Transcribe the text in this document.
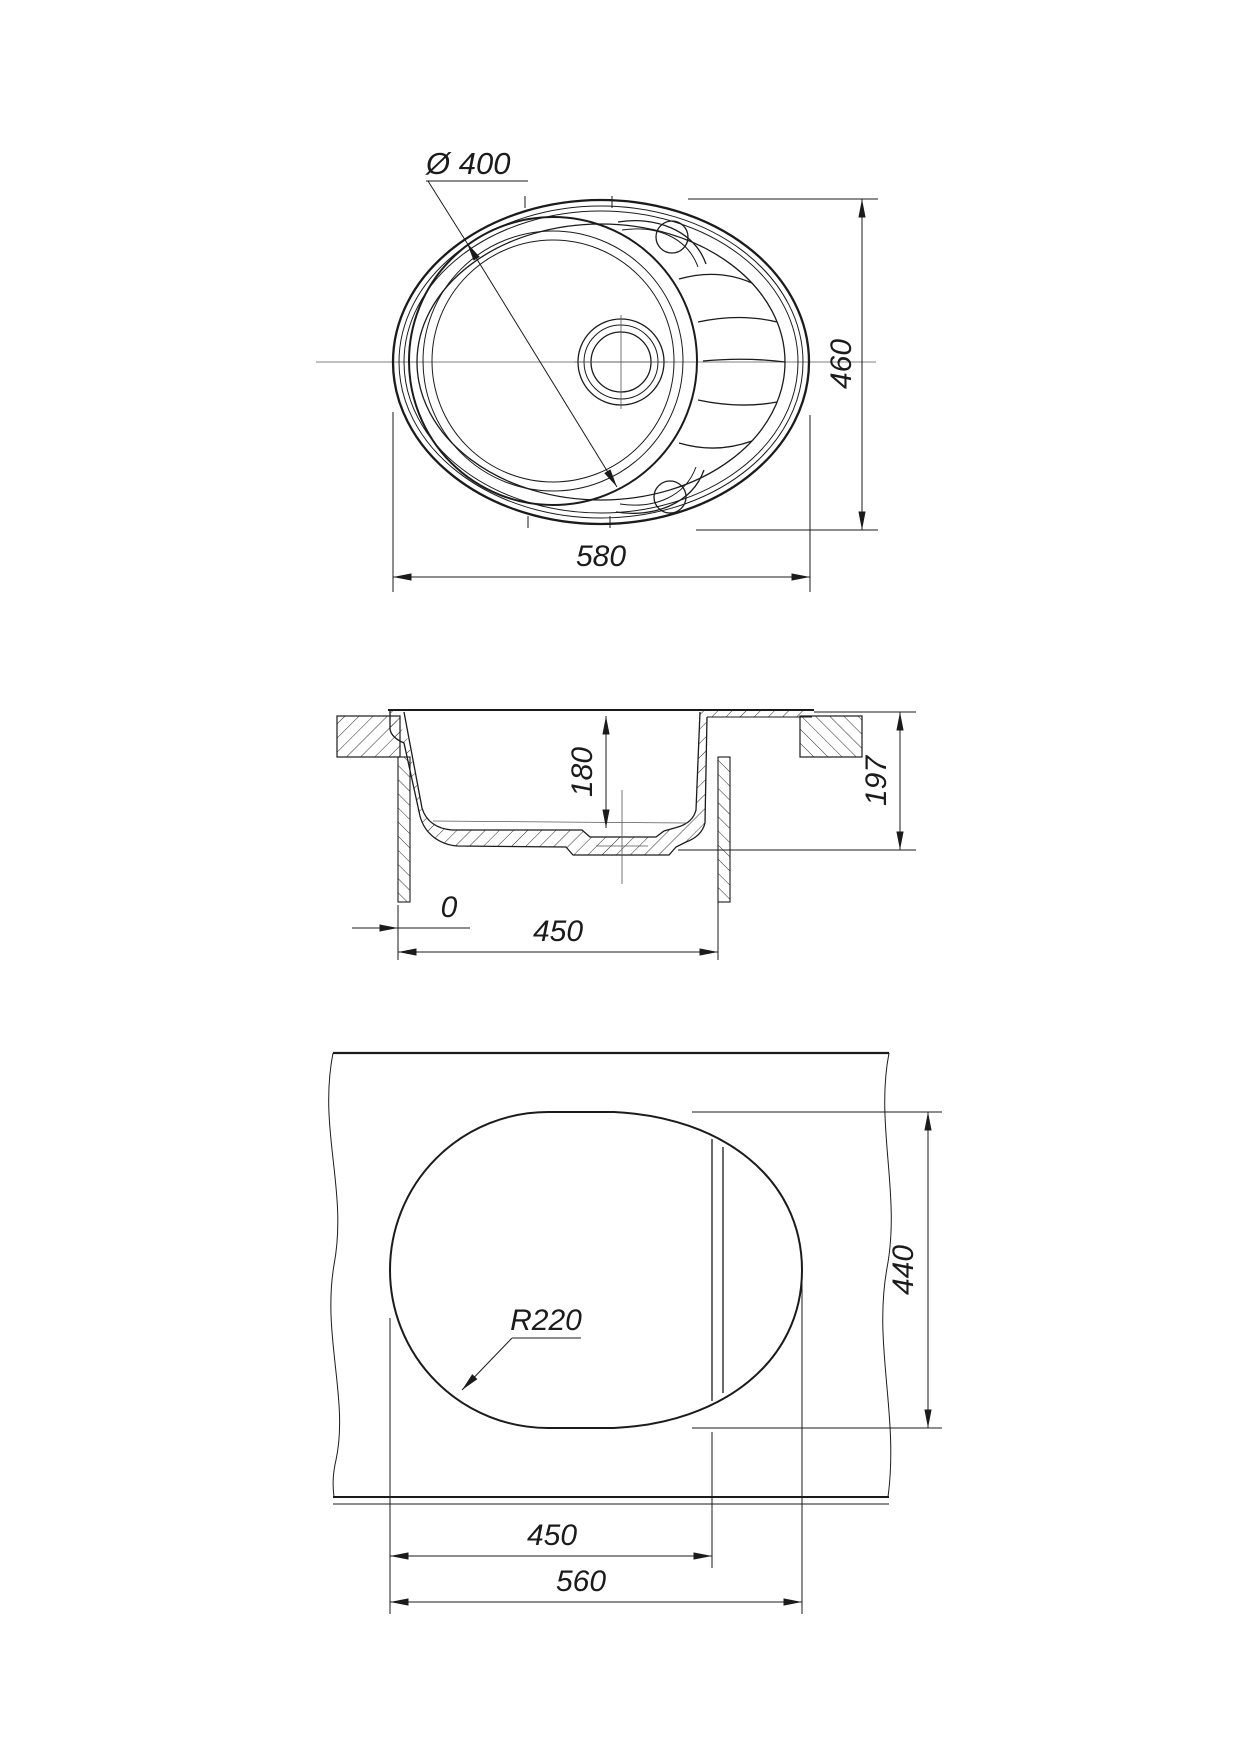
Ø 400
460
580
180	197
0
450
R220
440
450
560
